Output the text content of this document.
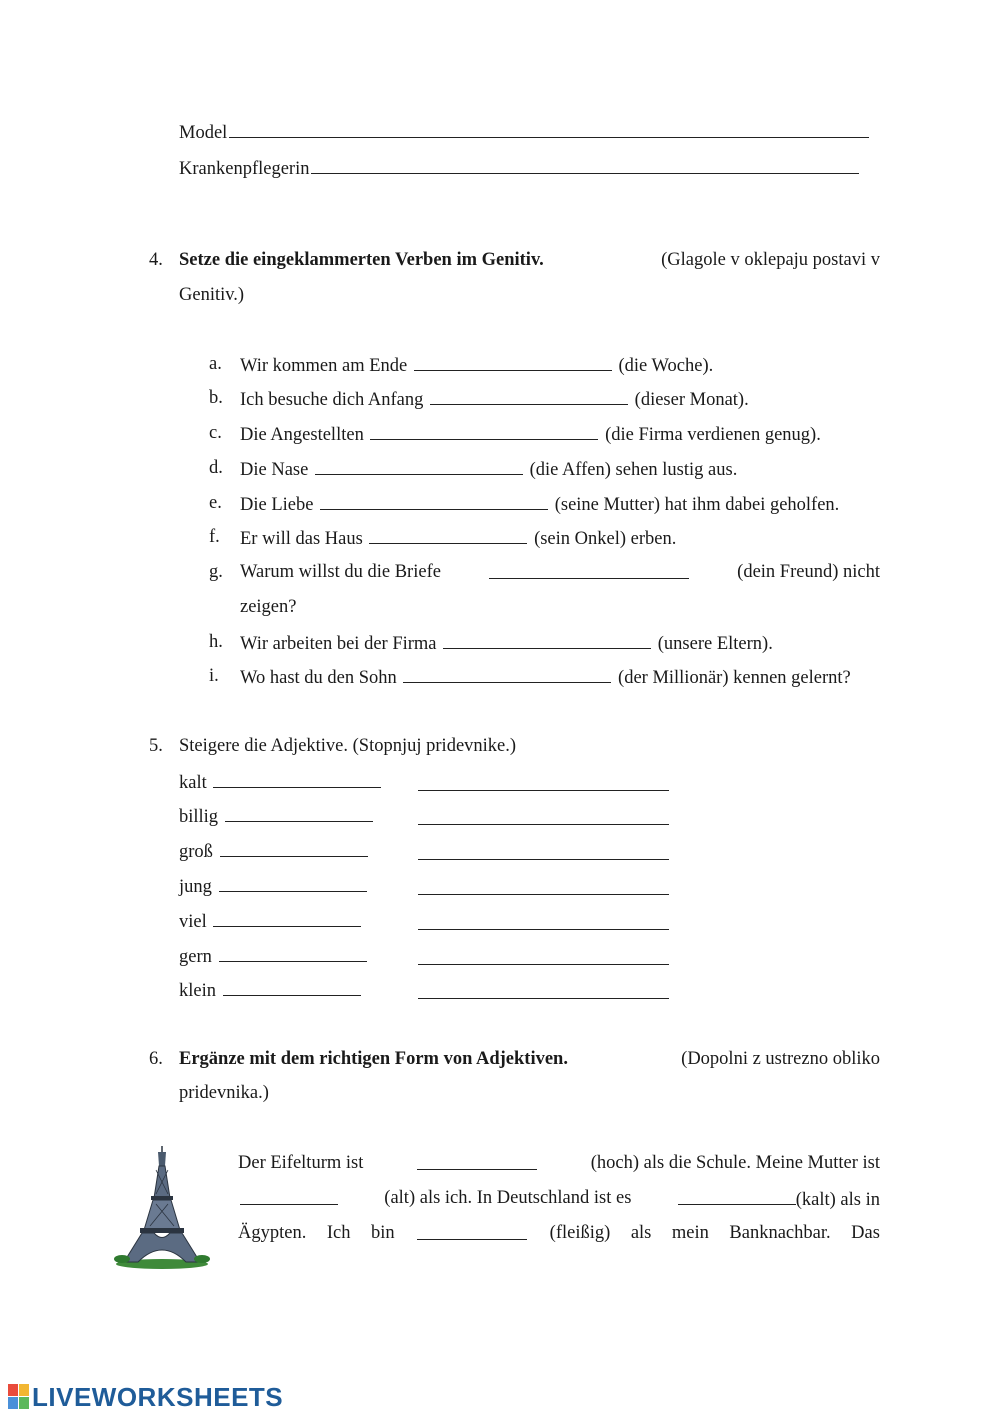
Model
Krankenpflegerin
4. Setze die eingeklammerten Verben im Genitiv.	(Glagole v oklepaju postavi v
Genitiv.)
a. Wir kommen am Ende	(die Woche).
b. Ich besuche dich Anfang	(dieser Monat).
c. Die Angestellten	(die Firma verdienen genug).
d. Die Nase	(die Affen) sehen lustig aus.
e. Die Liebe	(seine Mutter) hat ihm dabei geholfen.
f. Er will das Haus	(sein Onkel) erben.
g. Warum willst du die Briefe	(dein Freund) nicht
zeigen?
h. Wir arbeiten bei der Firma	(unsere Eltern).
i. Wo hast du den Sohn	(der Millionär) kennen gelernt?
5. Steigere die Adjektive. (Stopnjuj pridevnike.)
kalt
billig
groß
jung
viel
gern
klein
6. Ergänze mit dem richtigen Form von Adjektiven.	(Dopolni z ustrezno obliko
pridevnika.)
Der Eifelturm ist	(hoch) als die Schule. Meine Mutter ist
(alt) als ich. In Deutschland ist es	(kalt) als in
Ägypten. Ich bin	(fleißig) als mein Banknachbar. Das
LIVEWORKSHEETS
